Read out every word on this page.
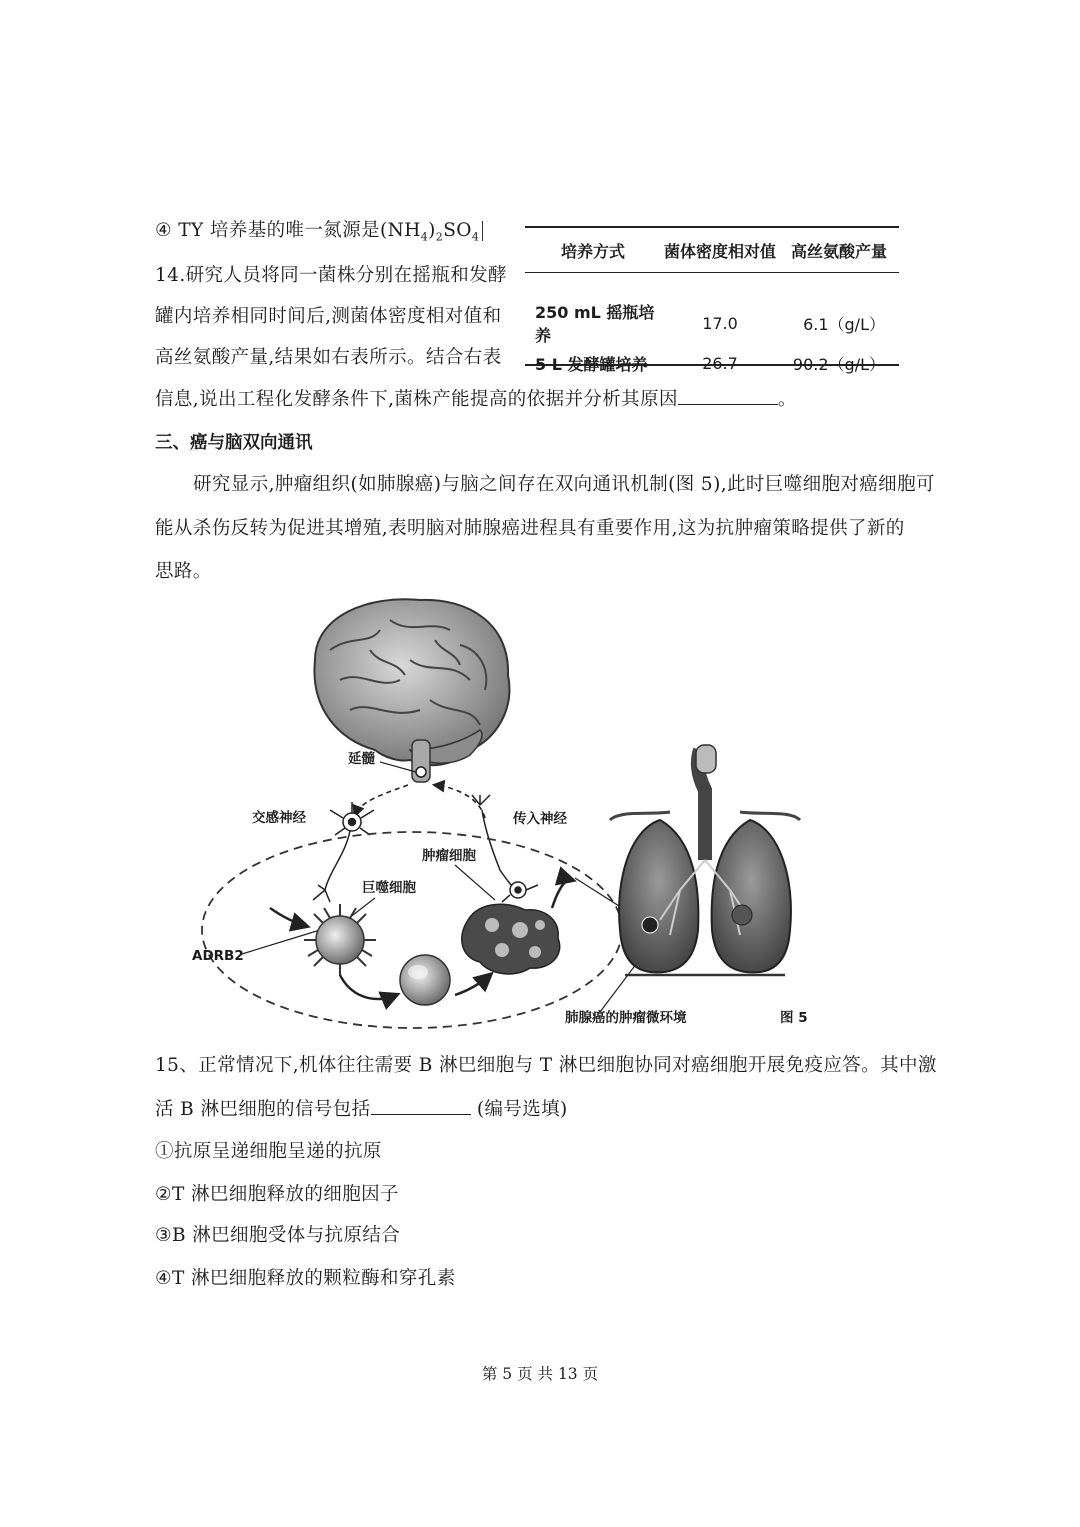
④ TY 培养基的唯一氮源是$(NH_4)_2SO_4$
14.研究人员将同一菌株分别在摇瓶和发酵
罐内培养相同时间后,测菌体密度相对值和
高丝氨酸产量,结果如右表所示。结合右表
信息,说出工程化发酵条件下,菌株产能提高的依据并分析其原因	。
培养方式	菌体密度相对值	高丝氨酸产量

250 mL 摇瓶培养	17.0	6.1（g/L）
5 L 发酵罐培养	26.7	90.2（g/L）
三、癌与脑双向通讯
研究显示,肿瘤组织(如肺腺癌)与脑之间存在双向通讯机制(图 5),此时巨噬细胞对癌细胞可
能从杀伤反转为促进其增殖,表明脑对肺腺癌进程具有重要作用,这为抗肿瘤策略提供了新的
思路。
延髓
交感神经	传入神经
肿瘤细胞
巨噬细胞
ADRB2
肺腺癌的肿瘤微环境	图 5
15、正常情况下,机体往往需要 B 淋巴细胞与 T 淋巴细胞协同对癌细胞开展免疫应答。其中激
活 B 淋巴细胞的信号包括	(编号选填)
①抗原呈递细胞呈递的抗原
②T 淋巴细胞释放的细胞因子
③B 淋巴细胞受体与抗原结合
④T 淋巴细胞释放的颗粒酶和穿孔素
第 5 页 共 13 页
